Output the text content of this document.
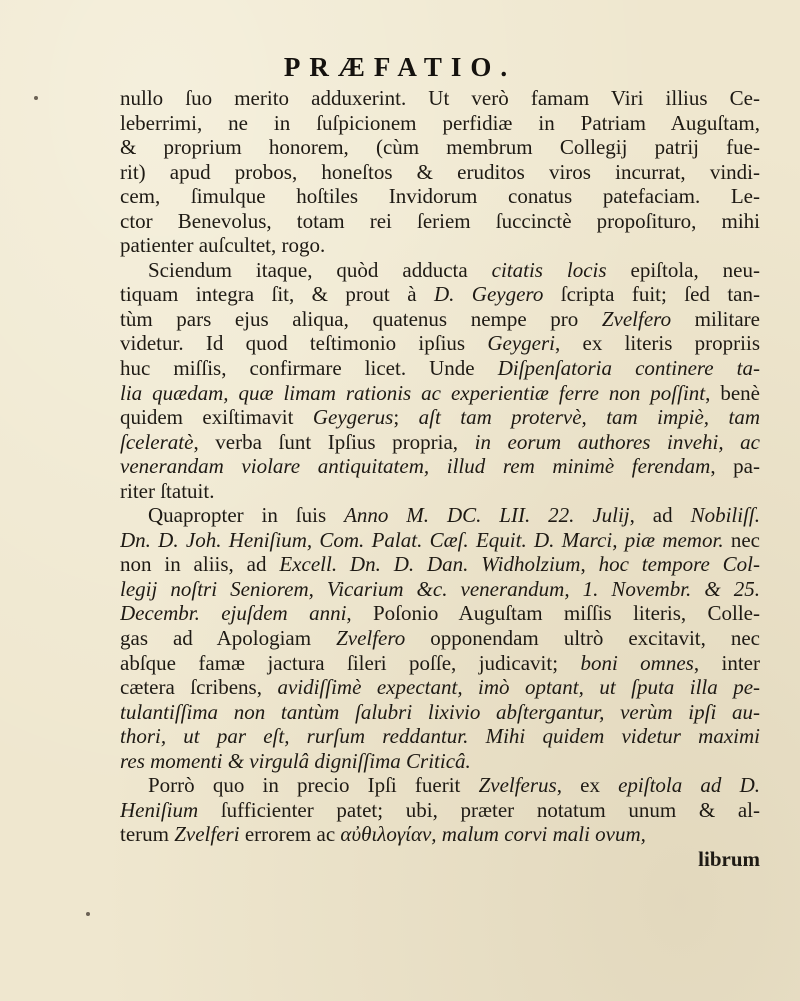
PRÆFATIO.
nullo ſuo merito adduxerint. Ut verò famam Viri illius Ce-
leberrimi, ne in ſuſpicionem perfidiæ in Patriam Auguſtam,
& proprium honorem, (cùm membrum Collegij patrij fue-
rit) apud probos, honeſtos & eruditos viros incurrat, vindi-
cem, ſimulque hoſtiles Invidorum conatus patefaciam. Le-
ctor Benevolus, totam rei ſeriem ſuccinctè propoſituro, mihi
patienter auſcultet, rogo.
Sciendum itaque, quòd adducta citatis locis epiſtola, neu-
tiquam integra ſit, & prout à D. Geygero ſcripta fuit; ſed tan-
tùm pars ejus aliqua, quatenus nempe pro Zvelfero militare
videtur. Id quod teſtimonio ipſius Geygeri, ex literis propriis
huc miſſis, confirmare licet. Unde Diſpenſatoria continere ta-
lia quædam, quæ limam rationis ac experientiæ ferre non poſſint, benè
quidem exiſtimavit Geygerus; aſt tam protervè, tam impiè, tam
ſceleratè, verba ſunt Ipſius propria, in eorum authores invehi, ac
venerandam violare antiquitatem, illud rem minimè ferendam, pa-
riter ſtatuit.
Quapropter in ſuis Anno M. DC. LII. 22. Julij, ad Nobiliſſ.
Dn. D. Joh. Heniſium, Com. Palat. Cæſ. Equit. D. Marci, piæ memor. nec
non in aliis, ad Excell. Dn. D. Dan. Widholzium, hoc tempore Col-
legij noſtri Seniorem, Vicarium &c. venerandum, 1. Novembr. & 25.
Decembr. ejuſdem anni, Poſonio Auguſtam miſſis literis, Colle-
gas ad Apologiam Zvelfero opponendam ultrò excitavit, nec
abſque famæ jactura ſileri poſſe, judicavit; boni omnes, inter
cætera ſcribens, avidiſſimè expectant, imò optant, ut ſputa illa pe-
tulantiſſima non tantùm ſalubri lixivio abſtergantur, verùm ipſi au-
thori, ut par eſt, rurſum reddantur. Mihi quidem videtur maximi
res momenti & virgulâ digniſſima Criticâ.
Porrò quo in precio Ipſi fuerit Zvelferus, ex epiſtola ad D.
Heniſium ſufficienter patet; ubi, præter notatum unum & al-
terum Zvelferi errorem ac αὐθιλογίαν, malum corvi mali ovum,
librum
